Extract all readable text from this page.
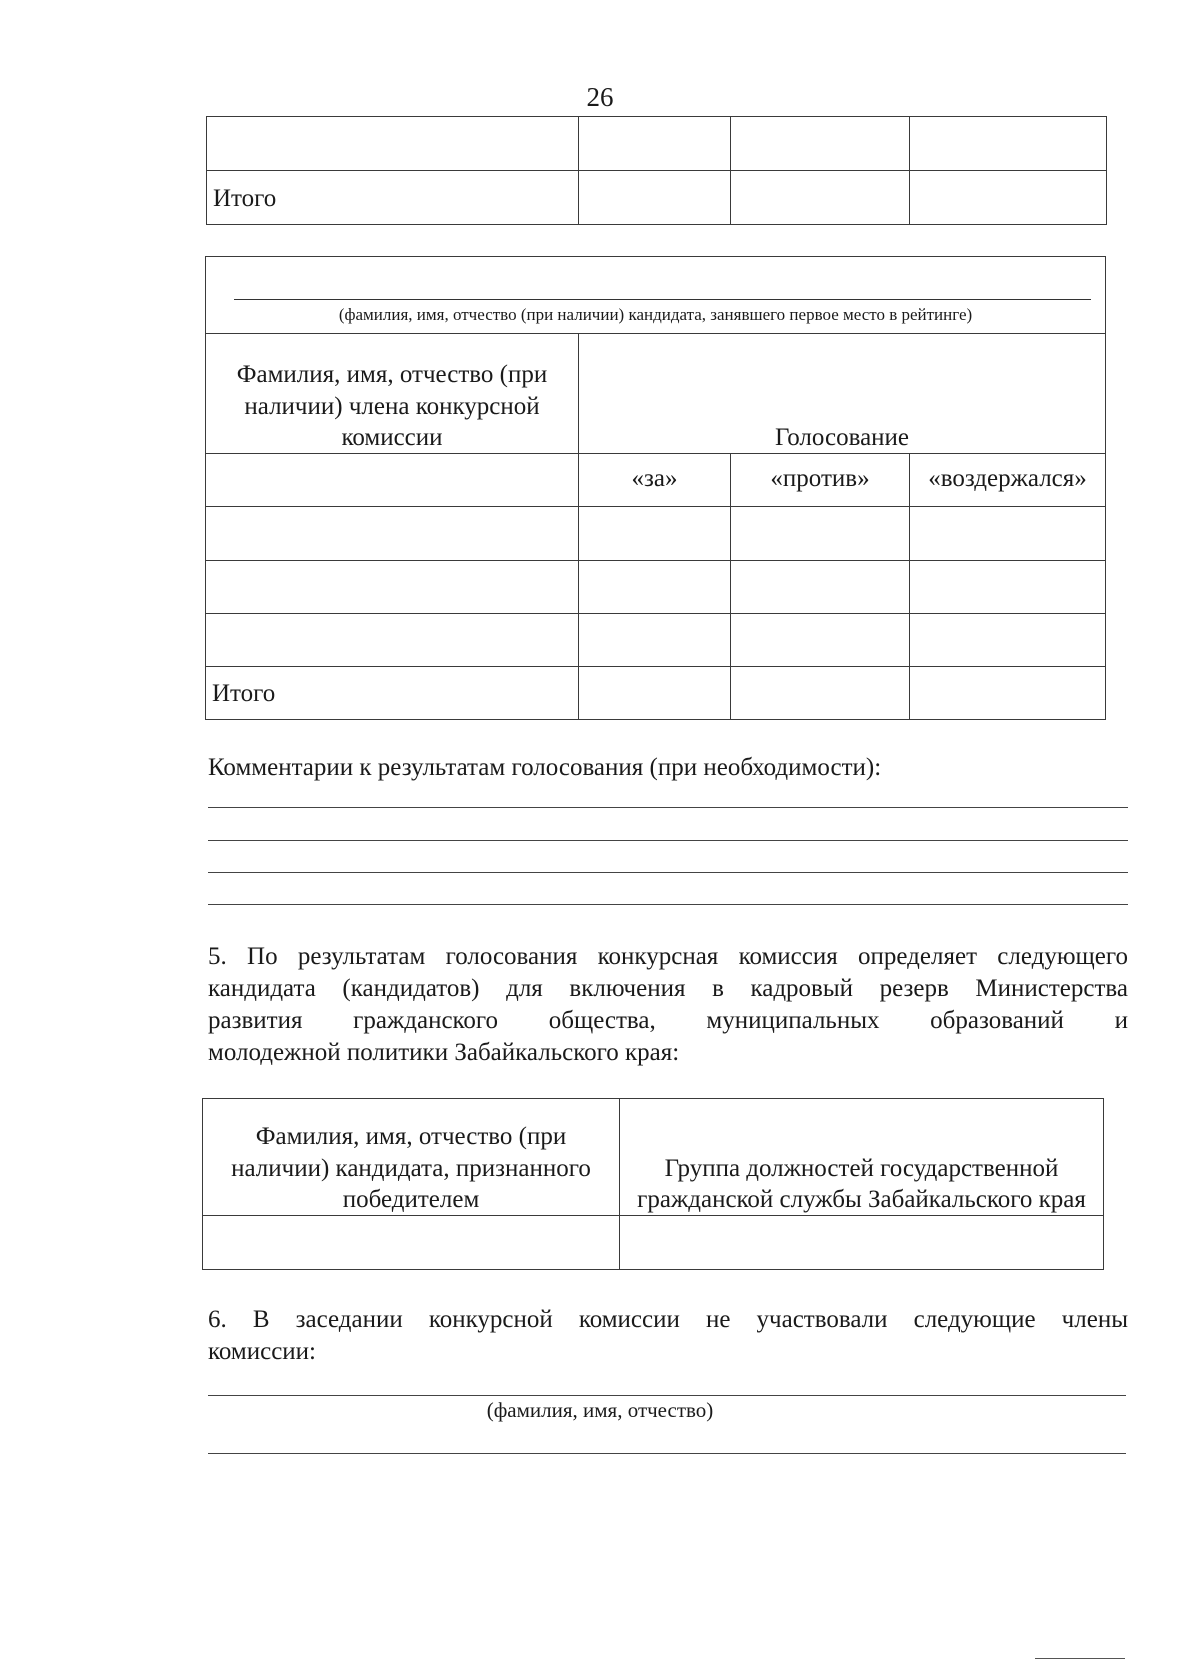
26

Итого			
(фамилия, имя, отчество (при наличии) кандидата, занявшего первое место в рейтинге)			

Фамилия, имя, отчество (при наличии) члена конкурсной комиссии	Голосование		
	«за»	«против»	«воздержался»

Итого			
Комментарии к результатам голосования (при необходимости):
5. По результатам голосования конкурсная комиссия определяет следующего
кандидата (кандидатов) для включения в кадровый резерв Министерства
развития гражданского общества, муниципальных образований и
молодежной политики Забайкальского края:
Фамилия, имя, отчество (при наличии) кандидата, признанного победителем	Группа должностей государственной гражданской службы Забайкальского края

6. В заседании конкурсной комиссии не участвовали следующие члены
комиссии:
(фамилия, имя, отчество)
